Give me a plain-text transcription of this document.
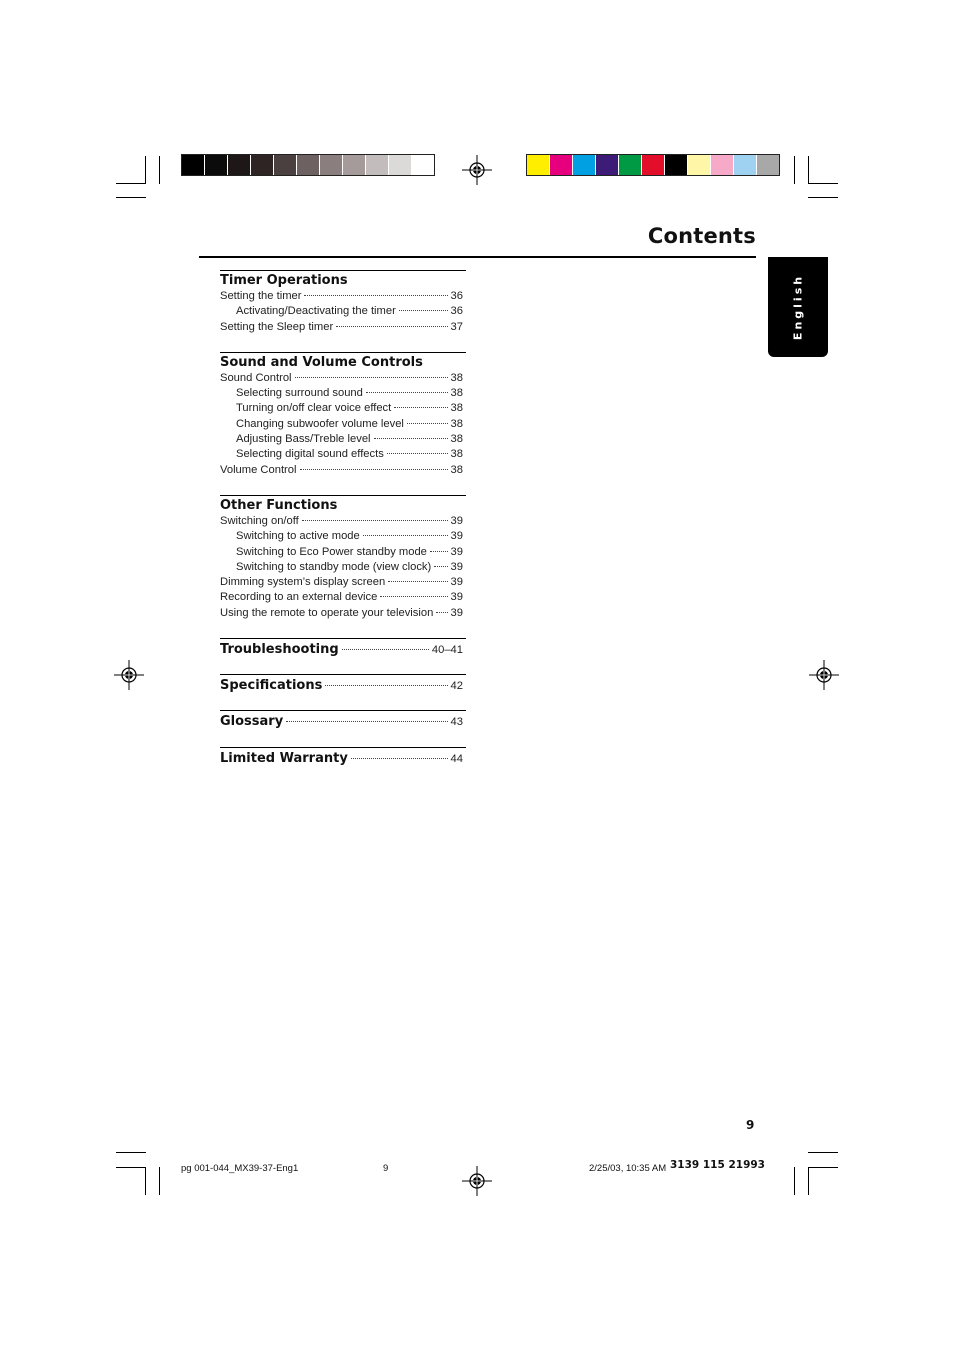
Contents
English
Timer Operations
Setting the timer	36
Activating/Deactivating the timer	36
Setting the Sleep timer	37
Sound and Volume Controls
Sound Control	38
Selecting surround sound	38
Turning on/off clear voice effect	38
Changing subwoofer volume level	38
Adjusting Bass/Treble level	38
Selecting digital sound effects	38
Volume Control	38
Other Functions
Switching on/off	39
Switching to active mode	39
Switching to Eco Power standby mode 39
Switching to standby mode (view clock) 39
Dimming system’s display screen	39
Recording to an external device	39
Using the remote to operate your television 39
Troubleshooting	40–41
Specifications	42
Glossary	43
Limited Warranty	44
9
pg 001-044_MX39-37-Eng1	9	2/25/03, 10:35 AM 3139 115 21993
